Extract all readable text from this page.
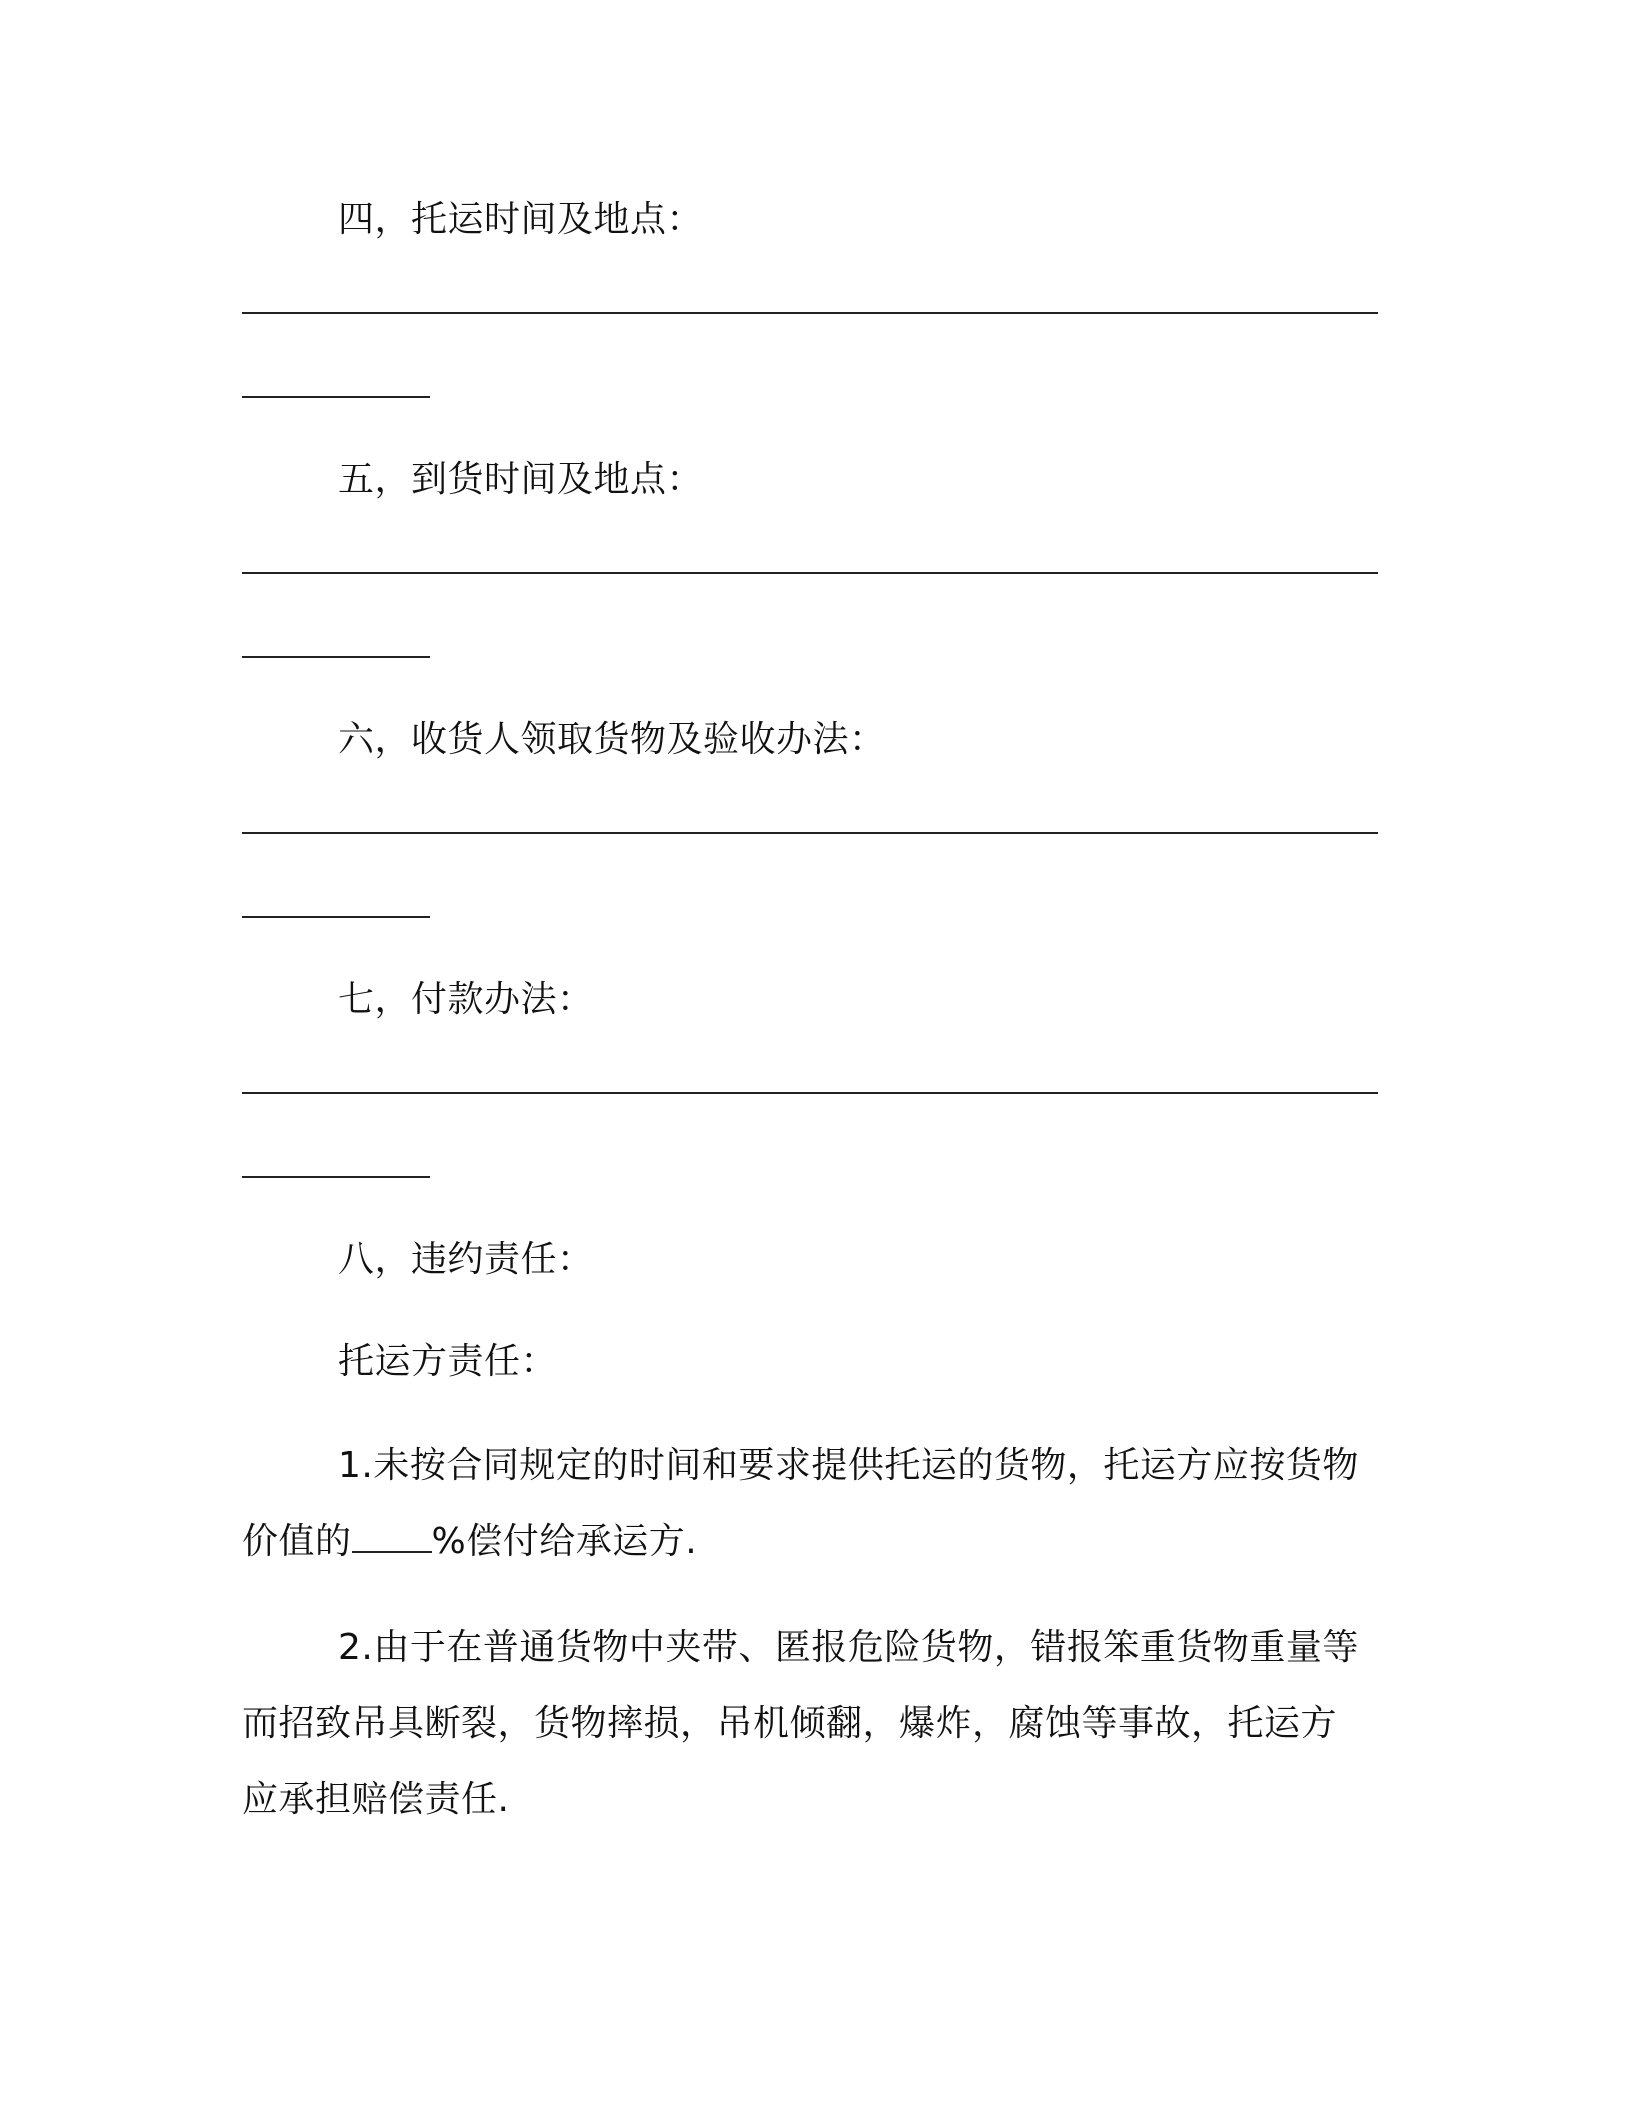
四，托运时间及地点：
五，到货时间及地点：
六，收货人领取货物及验收办法：
七，付款办法：
八，违约责任：
托运方责任：
1.未按合同规定的时间和要求提供托运的货物，托运方应按货物
价值的 %偿付给承运方.
2.由于在普通货物中夹带、匿报危险货物，错报笨重货物重量等
而招致吊具断裂，货物摔损，吊机倾翻，爆炸，腐蚀等事故，托运方
应承担赔偿责任.
